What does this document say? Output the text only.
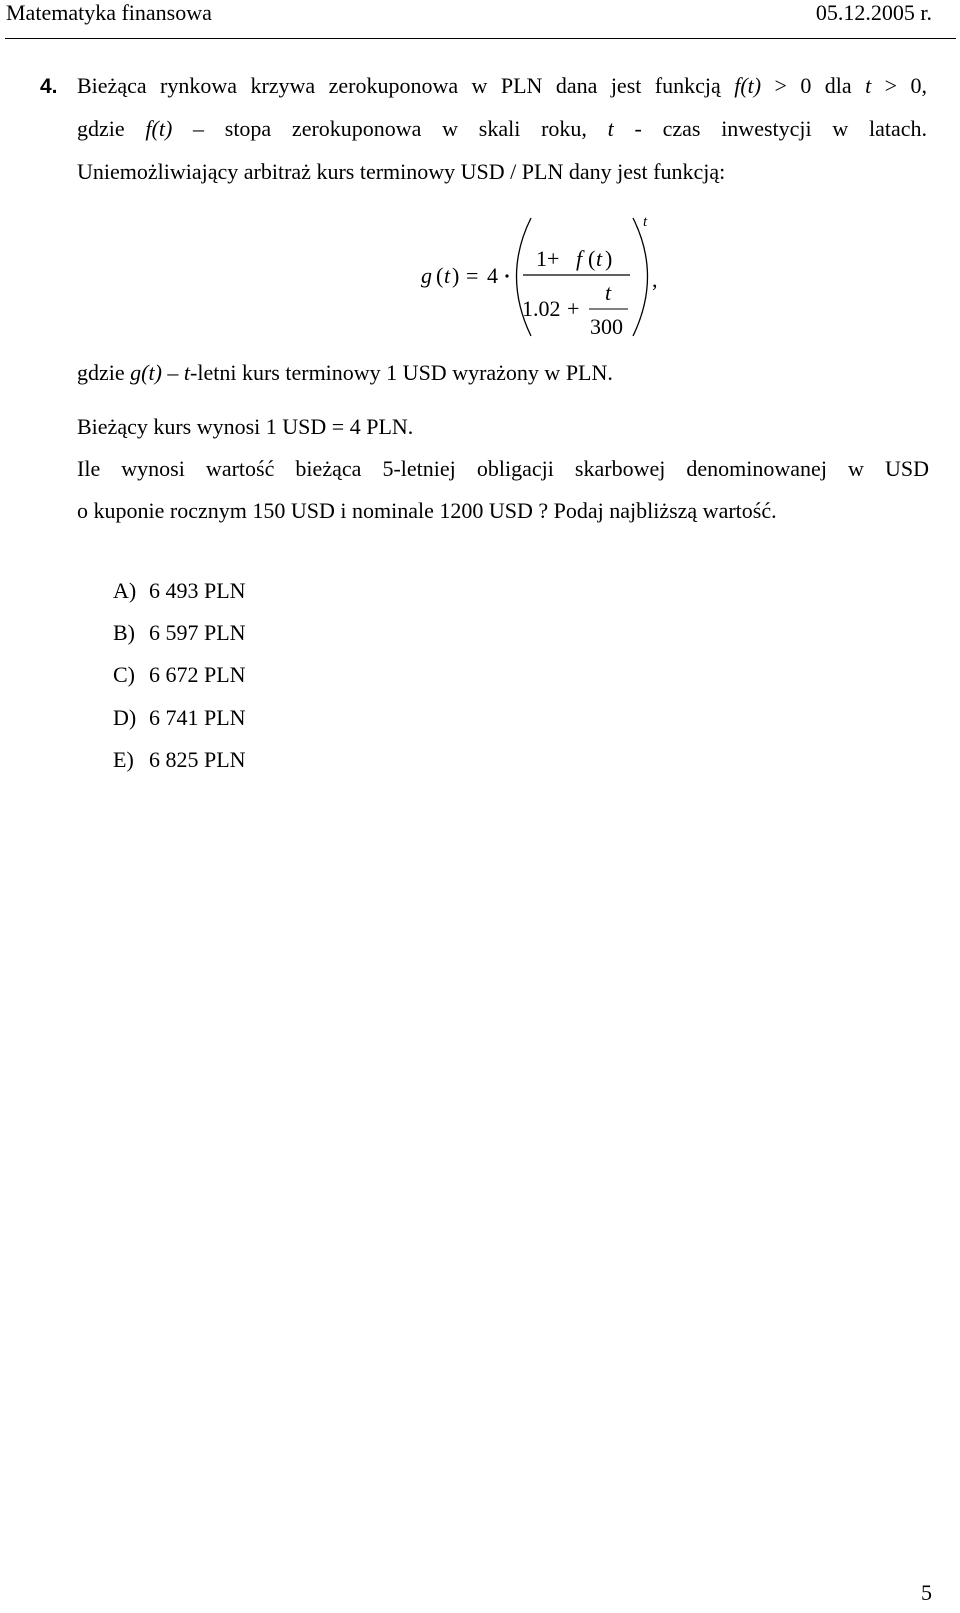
Matematyka finansowa	05.12.2005 r.
4. Bieżąca rynkowa krzywa zerokuponowa w PLN dana jest funkcją f(t) > 0 dla t > 0,
gdzie f(t) – stopa zerokuponowa w skali roku, t - czas inwestycji w latach.
Uniemożliwiający arbitraż kurs terminowy USD / PLN dany jest funkcją:
g ( t ) = 4
1+ f ( t )
1.02 +
t
300
t
,
gdzie g(t) – t-letni kurs terminowy 1 USD wyrażony w PLN.
Bieżący kurs wynosi 1 USD = 4 PLN.
Ile wynosi wartość bieżąca 5-letniej obligacji skarbowej denominowanej w USD
o kuponie rocznym 150 USD i nominale 1200 USD ? Podaj najbliższą wartość.
A) 6 493 PLN
B) 6 597 PLN
C) 6 672 PLN
D) 6 741 PLN
E) 6 825 PLN
5
